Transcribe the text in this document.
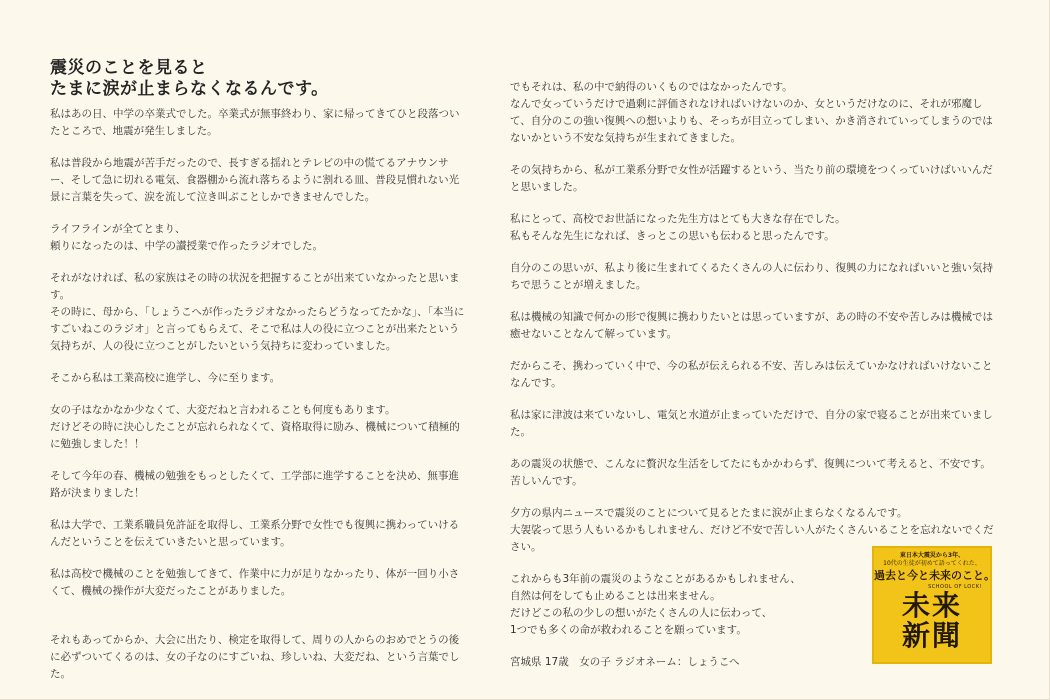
震災のことを見ると
たまに涙が止まらなくなるんです。

私はあの日、中学の卒業式でした。卒業式が無事終わり、家に帰ってきてひと段落ついたところで、地震が発生しました。

私は普段から地震が苦手だったので、長すぎる揺れとテレビの中の慌てるアナウンサー、そして急に切れる電気、食器棚から流れ落ちるように割れる皿、普段見慣れない光景に言葉を失って、涙を流して泣き叫ぶことしかできませんでした。

ライフラインが全てとまり、
頼りになったのは、中学の讃授業で作ったラジオでした。

それがなければ、私の家族はその時の状況を把握することが出来ていなかったと思います。
その時に、母から、「しょうこへが作ったラジオなかったらどうなってたかな」、「本当にすごいねこのラジオ」と言ってもらえて、そこで私は人の役に立つことが出来たという気持ちが、人の役に立つことがしたいという気持ちに変わっていました。

そこから私は工業高校に進学し、今に至ります。

女の子はなかなか少なくて、大変だねと言われることも何度もあります。
だけどその時に決心したことが忘れられなくて、資格取得に励み、機械について積極的に勉強しました！！

そして今年の春、機械の勉強をもっとしたくて、工学部に進学することを決め、無事進路が決まりました！

私は大学で、工業系職員免許証を取得し、工業系分野で女性でも復興に携わっていけるんだということを伝えていきたいと思っています。

私は高校で機械のことを勉強してきて、作業中に力が足りなかったり、体が一回り小さくて、機械の操作が大変だったことがありました。

それもあってからか、大会に出たり、検定を取得して、周りの人からのおめでとうの後に必ずついてくるのは、女の子なのにすごいね、珍しいね、大変だね、という言葉でした。

でもそれは、私の中で納得のいくものではなかったんです。
なんで女っていうだけで過剰に評価されなければいけないのか、女というだけなのに、それが邪魔して、自分のこの強い復興への想いよりも、そっちが目立ってしまい、かき消されていってしまうのではないかという不安な気持ちが生まれてきました。

その気持ちから、私が工業系分野で女性が活躍するという、当たり前の環境をつくっていけばいいんだと思いました。

私にとって、高校でお世話になった先生方はとても大きな存在でした。
私もそんな先生になれば、きっとこの思いも伝わると思ったんです。

自分のこの思いが、私より後に生まれてくるたくさんの人に伝わり、復興の力になればいいと強い気持ちで思うことが増えました。

私は機械の知識で何かの形で復興に携わりたいとは思っていますが、あの時の不安や苦しみは機械では癒せないことなんて解っています。

だからこそ、携わっていく中で、今の私が伝えられる不安、苦しみは伝えていかなければいけないことなんです。

私は家に津波は来ていないし、電気と水道が止まっていただけで、自分の家で寝ることが出来ていました。

あの震災の状態で、こんなに贅沢な生活をしてたにもかかわらず、復興について考えると、不安です。苦しいんです。

夕方の県内ニュースで震災のことについて見るとたまに涙が止まらなくなるんです。
大袈裟って思う人もいるかもしれません、だけど不安で苦しい人がたくさんいることを忘れないでください。

これからも3年前の震災のようなことがあるかもしれません、
自然は何をしても止めることは出来ません。
だけどこの私の少しの想いがたくさんの人に伝わって、
1つでも多くの命が救われることを願っています。

宮城県 17歳　女の子 ラジオネーム：しょうこへ

東日本大震災から3年、
10代の生徒が初めて語ってくれた、
過去と今と未来のこと。
SCHOOL OF LOCK!
未来
新聞
